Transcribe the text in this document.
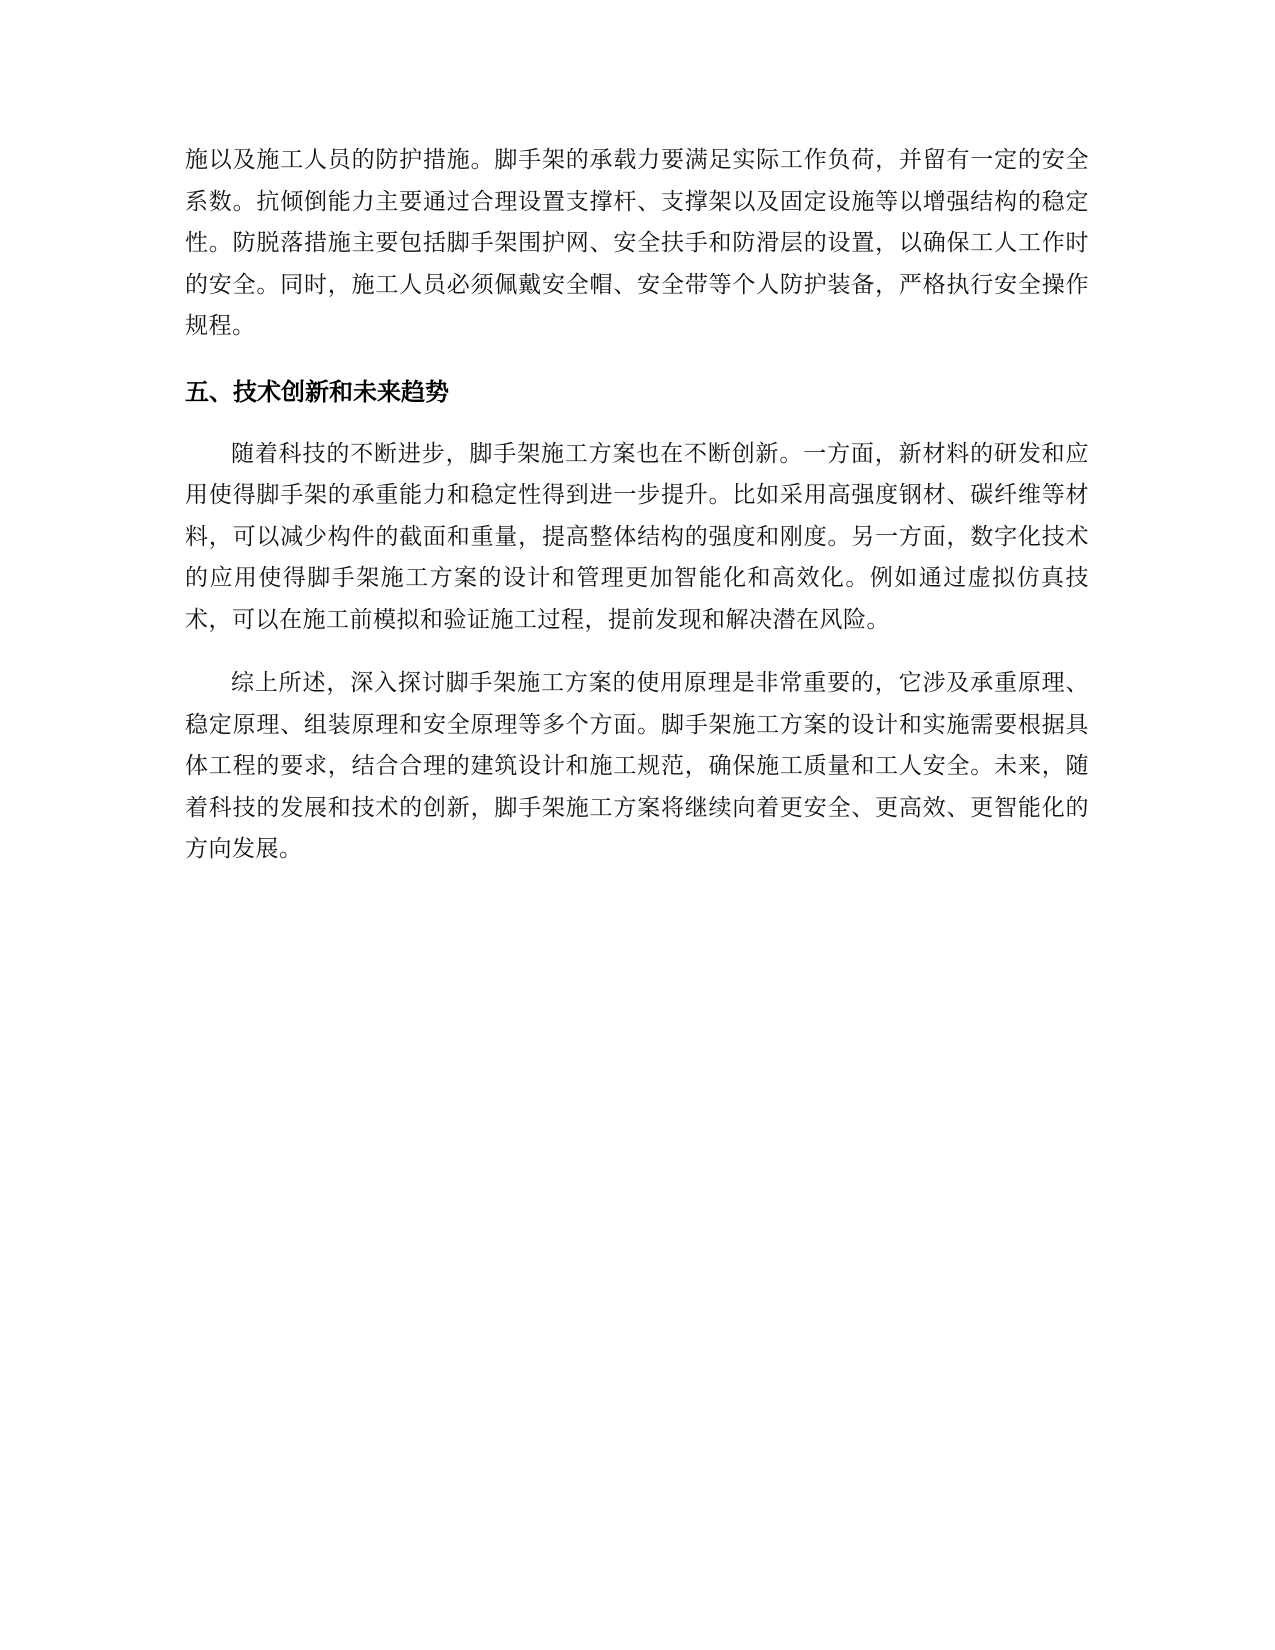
施以及施工人员的防护措施。脚手架的承载力要满足实际工作负荷，并留有一定的安全系数。抗倾倒能力主要通过合理设置支撑杆、支撑架以及固定设施等以增强结构的稳定性。防脱落措施主要包括脚手架围护网、安全扶手和防滑层的设置，以确保工人工作时的安全。同时，施工人员必须佩戴安全帽、安全带等个人防护装备，严格执行安全操作规程。

五、技术创新和未来趋势

随着科技的不断进步，脚手架施工方案也在不断创新。一方面，新材料的研发和应用使得脚手架的承重能力和稳定性得到进一步提升。比如采用高强度钢材、碳纤维等材料，可以减少构件的截面和重量，提高整体结构的强度和刚度。另一方面，数字化技术的应用使得脚手架施工方案的设计和管理更加智能化和高效化。例如通过虚拟仿真技术，可以在施工前模拟和验证施工过程，提前发现和解决潜在风险。

综上所述，深入探讨脚手架施工方案的使用原理是非常重要的，它涉及承重原理、稳定原理、组装原理和安全原理等多个方面。脚手架施工方案的设计和实施需要根据具体工程的要求，结合合理的建筑设计和施工规范，确保施工质量和工人安全。未来，随着科技的发展和技术的创新，脚手架施工方案将继续向着更安全、更高效、更智能化的方向发展。
